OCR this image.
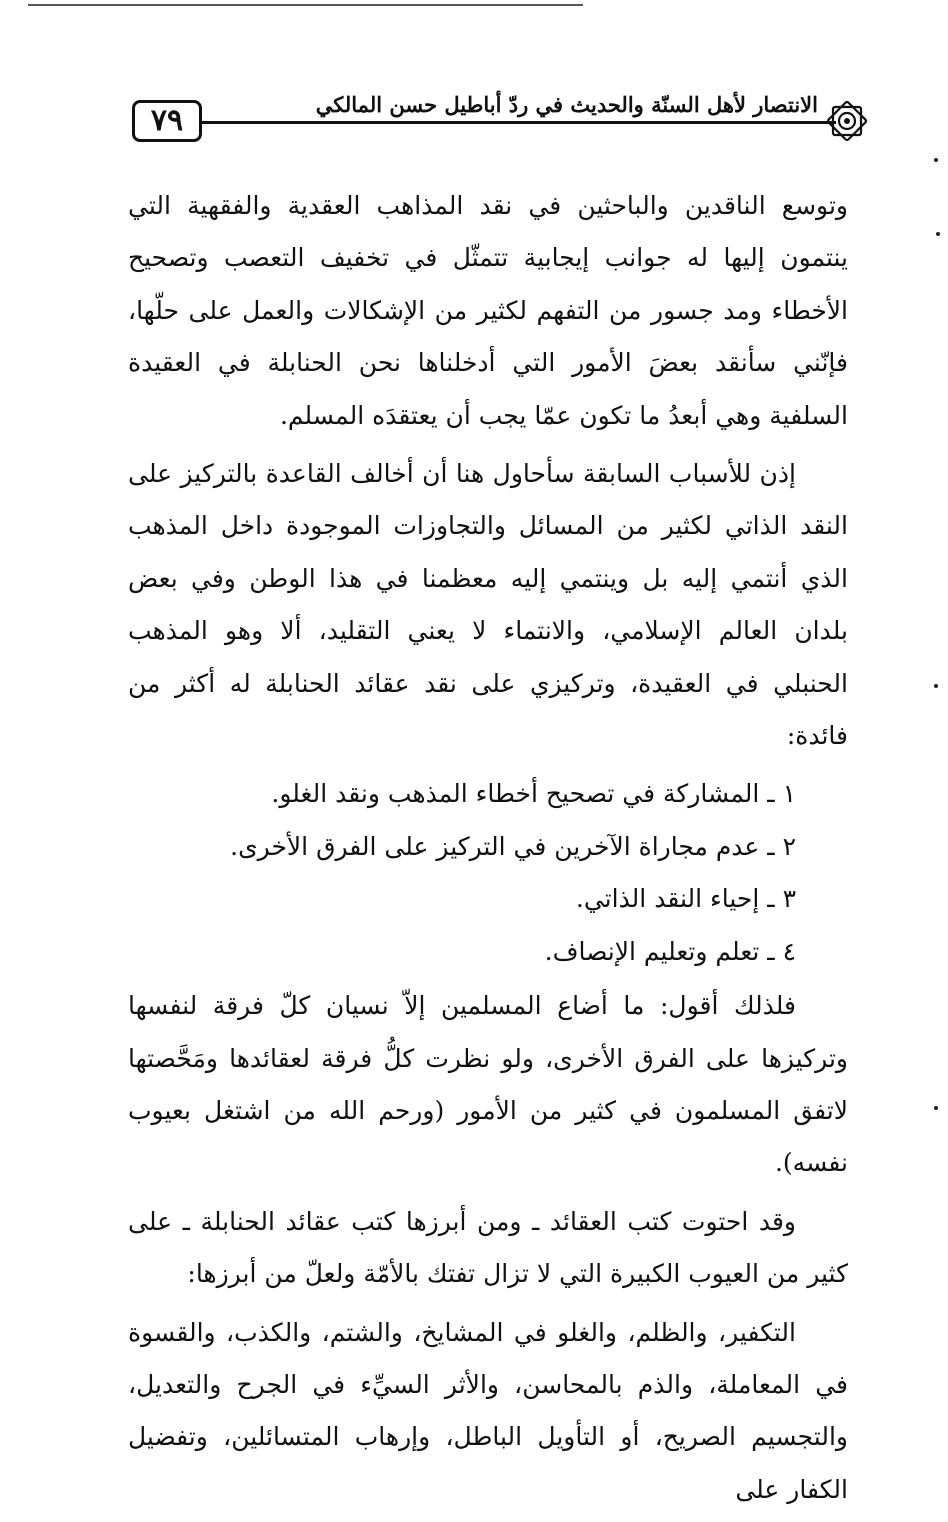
٧٩	الانتصار لأهل السنّة والحديث في ردّ أباطيل حسن المالكي

وتوسع الناقدين والباحثين في نقد المذاهب العقدية والفقهية التي ينتمون إليها له جوانب إيجابية تتمثّل في تخفيف التعصب وتصحيح الأخطاء ومد جسور من التفهم لكثير من الإشكالات والعمل على حلّها، فإنّني سأنقد بعضَ الأمور التي أدخلناها نحن الحنابلة في العقيدة السلفية وهي أبعدُ ما تكون عمّا يجب أن يعتقدَه المسلم.

إذن للأسباب السابقة سأحاول هنا أن أخالف القاعدة بالتركيز على النقد الذاتي لكثير من المسائل والتجاوزات الموجودة داخل المذهب الذي أنتمي إليه بل وينتمي إليه معظمنا في هذا الوطن وفي بعض بلدان العالم الإسلامي، والانتماء لا يعني التقليد، ألا وهو المذهب الحنبلي في العقيدة، وتركيزي على نقد عقائد الحنابلة له أكثر من فائدة:

١ ـ المشاركة في تصحيح أخطاء المذهب ونقد الغلو.
٢ ـ عدم مجاراة الآخرين في التركيز على الفرق الأخرى.
٣ ـ إحياء النقد الذاتي.
٤ ـ تعلم وتعليم الإنصاف.

فلذلك أقول: ما أضاع المسلمين إلاّ نسيان كلّ فرقة لنفسها وتركيزها على الفرق الأخرى، ولو نظرت كلُّ فرقة لعقائدها ومَحَّصتها لاتفق المسلمون في كثير من الأمور (ورحم الله من اشتغل بعيوب نفسه).

وقد احتوت كتب العقائد ـ ومن أبرزها كتب عقائد الحنابلة ـ على كثير من العيوب الكبيرة التي لا تزال تفتك بالأمّة ولعلّ من أبرزها:

التكفير، والظلم، والغلو في المشايخ، والشتم، والكذب، والقسوة في المعاملة، والذم بالمحاسن، والأثر السيِّء في الجرح والتعديل، والتجسيم الصريح، أو التأويل الباطل، وإرهاب المتسائلين، وتفضيل الكفار على
